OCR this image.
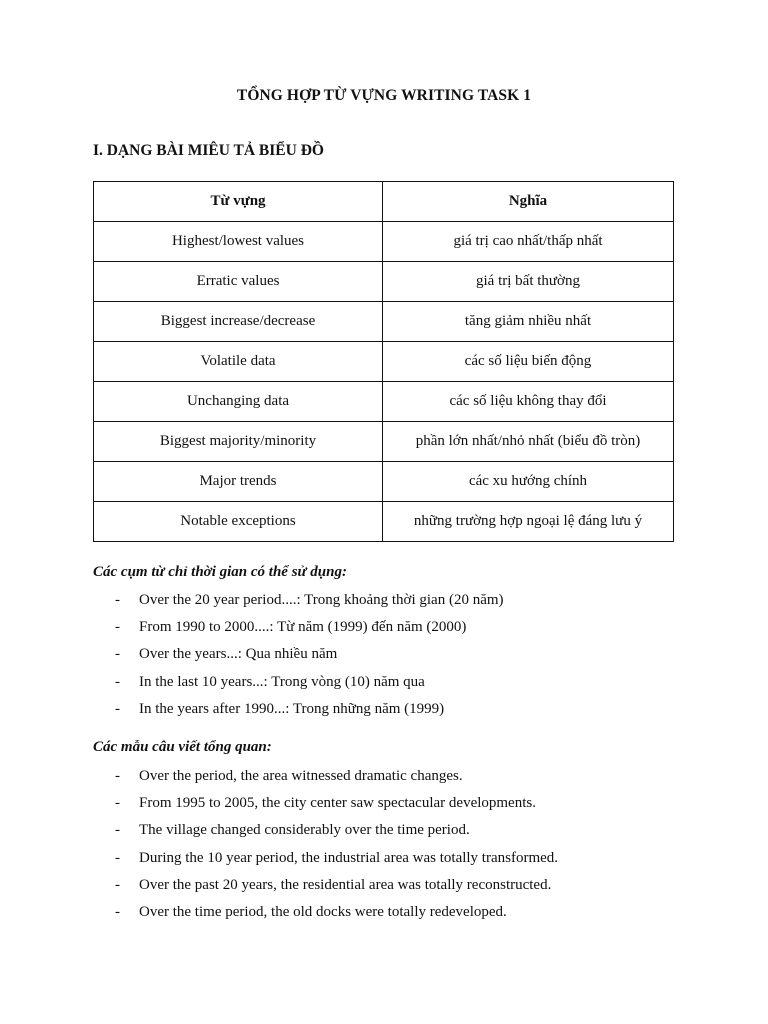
TỔNG HỢP TỪ VỰNG WRITING TASK 1
I. DẠNG BÀI MIÊU TẢ BIỂU ĐỒ
Từ vựng	Nghĩa
Highest/lowest values	giá trị cao nhất/thấp nhất
Erratic values	giá trị bất thường
Biggest increase/decrease	tăng giảm nhiều nhất
Volatile data	các số liệu biến động
Unchanging data	các số liệu không thay đổi
Biggest majority/minority	phần lớn nhất/nhỏ nhất (biểu đồ tròn)
Major trends	các xu hướng chính
Notable exceptions	những trường hợp ngoại lệ đáng lưu ý
Các cụm từ chỉ thời gian có thể sử dụng:
- Over the 20 year period....: Trong khoảng thời gian (20 năm)
- From 1990 to 2000....: Từ năm (1999) đến năm (2000)
- Over the years...: Qua nhiều năm
- In the last 10 years...: Trong vòng (10) năm qua
- In the years after 1990...: Trong những năm (1999)
Các mẫu câu viết tổng quan:
- Over the period, the area witnessed dramatic changes.
- From 1995 to 2005, the city center saw spectacular developments.
- The village changed considerably over the time period.
- During the 10 year period, the industrial area was totally transformed.
- Over the past 20 years, the residential area was totally reconstructed.
- Over the time period, the old docks were totally redeveloped.
